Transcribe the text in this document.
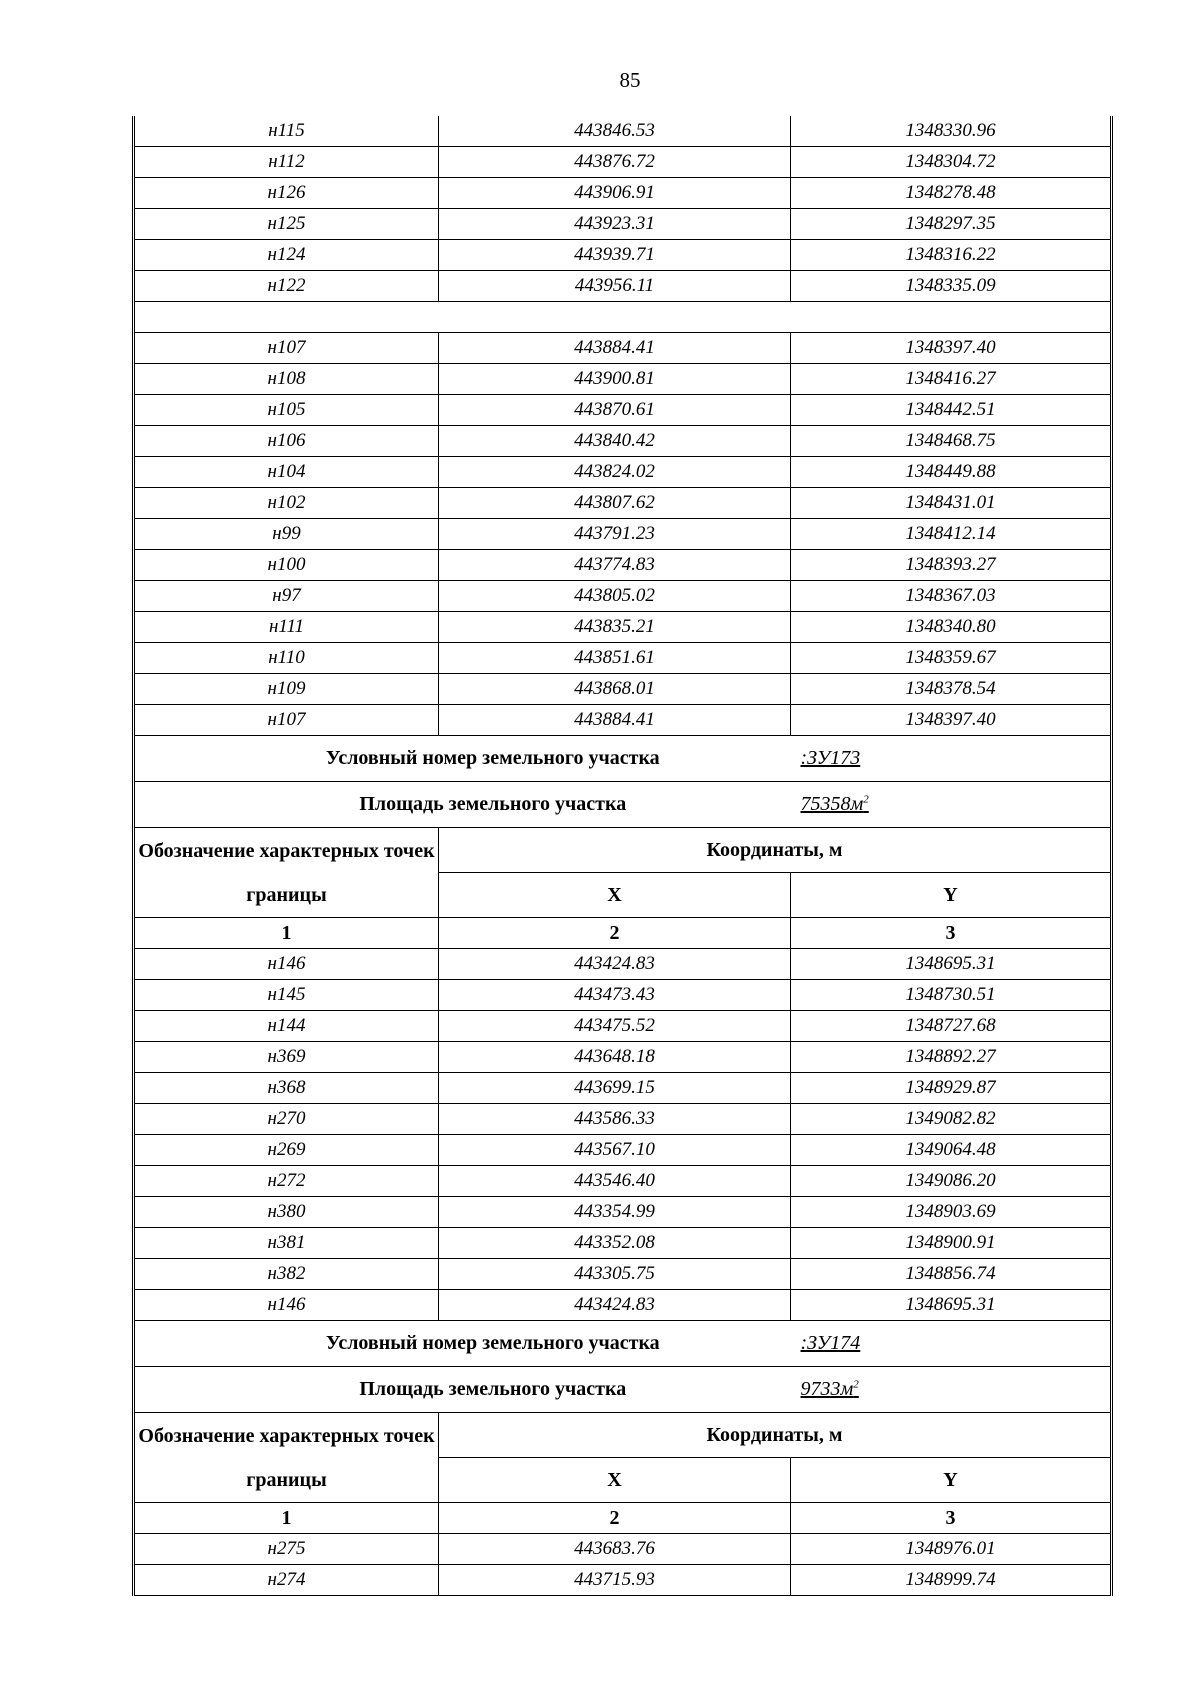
85
н115	443846.53	1348330.96
н112	443876.72	1348304.72
н126	443906.91	1348278.48
н125	443923.31	1348297.35
н124	443939.71	1348316.22
н122	443956.11	1348335.09

н107	443884.41	1348397.40
н108	443900.81	1348416.27
н105	443870.61	1348442.51
н106	443840.42	1348468.75
н104	443824.02	1348449.88
н102	443807.62	1348431.01
н99	443791.23	1348412.14
н100	443774.83	1348393.27
н97	443805.02	1348367.03
н111	443835.21	1348340.80
н110	443851.61	1348359.67
н109	443868.01	1348378.54
н107	443884.41	1348397.40
Условный номер земельного участка		:ЗУ173
Площадь земельного участка		$75358м^2$
Обозначение характерных точек границы	Координаты, м	
	X	Y
1	2	3
н146	443424.83	1348695.31
н145	443473.43	1348730.51
н144	443475.52	1348727.68
н369	443648.18	1348892.27
н368	443699.15	1348929.87
н270	443586.33	1349082.82
н269	443567.10	1349064.48
н272	443546.40	1349086.20
н380	443354.99	1348903.69
н381	443352.08	1348900.91
н382	443305.75	1348856.74
н146	443424.83	1348695.31
Условный номер земельного участка		:ЗУ174
Площадь земельного участка		$9733м^2$
Обозначение характерных точек границы	Координаты, м	
	X	Y
1	2	3
н275	443683.76	1348976.01
н274	443715.93	1348999.74
